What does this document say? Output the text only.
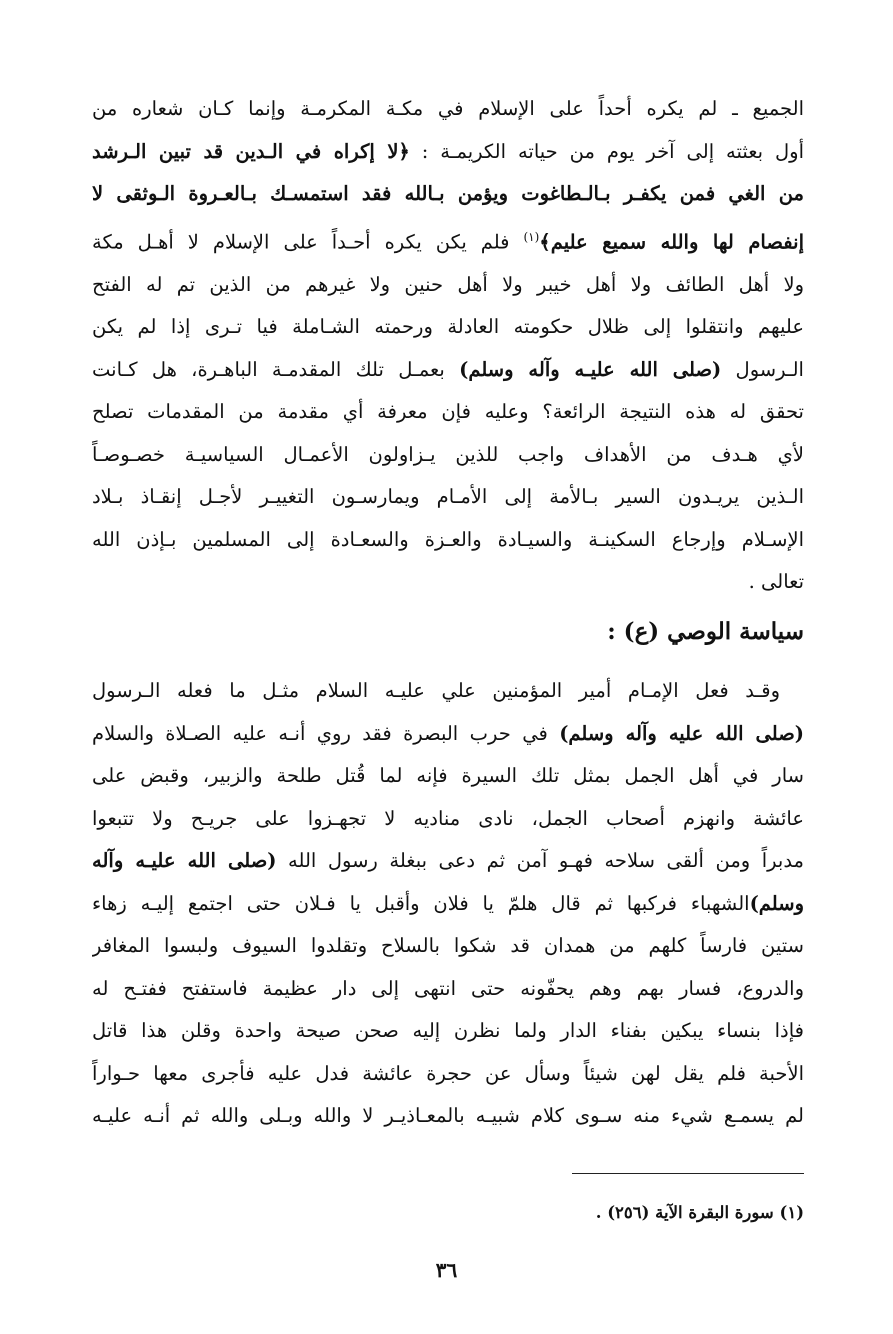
الجميع ـ لم يكره أحداً على الإسلام في مكـة المكرمـة وإنما كـان شعاره من
أول بعثته إلى آخر يوم من حياته الكريمـة : ﴿لا إكراه في الـدين قد تبين الـرشد
من الغي فمن يكفـر بـالـطاغوت ويؤمن بـالله فقد استمسـك بـالعـروة الـوثقى لا
إنفصام لها والله سميع عليم﴾$^{(١)}$ فلم يكن يكره أحـداً على الإسلام لا أهـل مكة
ولا أهل الطائف ولا أهل خيبر ولا أهل حنين ولا غيرهم من الذين تم له الفتح
عليهم وانتقلوا إلى ظلال حكومته العادلة ورحمته الشـاملة فيا تـرى إذا لم يكن
الـرسول (صلى الله عليـه وآله وسلم) بعمـل تلك المقدمـة الباهـرة، هل كـانت
تحقق له هذه النتيجة الرائعة؟ وعليه فإن معرفة أي مقدمة من المقدمات تصلح
لأي هـدف من الأهداف واجب للذين يـزاولون الأعمـال السياسيـة خصـوصـاً
الـذين يريـدون السير بـالأمة إلى الأمـام ويمارسـون التغييـر لأجـل إنقـاذ بـلاد
الإسـلام وإرجاع السكينـة والسيـادة والعـزة والسعـادة إلى المسلمين بـإذن الله
تعالى .
سياسة الوصي (ع) :
وقـد فعل الإمـام أمير المؤمنين علي عليـه السلام مثـل ما فعله الـرسول
(صلى الله عليه وآله وسلم) في حرب البصرة فقد روي أنـه عليه الصـلاة والسلام
سار في أهل الجمل بمثل تلك السيرة فإنه لما قُتل طلحة والزبير، وقبض على
عائشة وانهزم أصحاب الجمل، نادى مناديه لا تجهـزوا على جريـح ولا تتبعوا
مدبراً ومن ألقى سلاحه فهـو آمن ثم دعى ببغلة رسول الله (صلى الله عليـه وآله
وسلم)الشهباء فركبها ثم قال هلمّ يا فلان وأقبل يا فـلان حتى اجتمع إليـه زهاء
ستين فارساً كلهم من همدان قد شكوا بالسلاح وتقلدوا السيوف ولبسوا المغافر
والدروع، فسار بهم وهم يحفّونه حتى انتهى إلى دار عظيمة فاستفتح ففتـح له
فإذا بنساء يبكين بفناء الدار ولما نظرن إليه صحن صيحة واحدة وقلن هذا قاتل
الأحبة فلم يقل لهن شيئاً وسأل عن حجرة عائشة فدل عليه فأجرى معها حـواراً
لم يسمـع شيء منه سـوى كلام شبيـه بالمعـاذيـر لا والله وبـلى والله ثم أنـه عليـه
(١) سورة البقرة الآية (٢٥٦) .
٣٦
